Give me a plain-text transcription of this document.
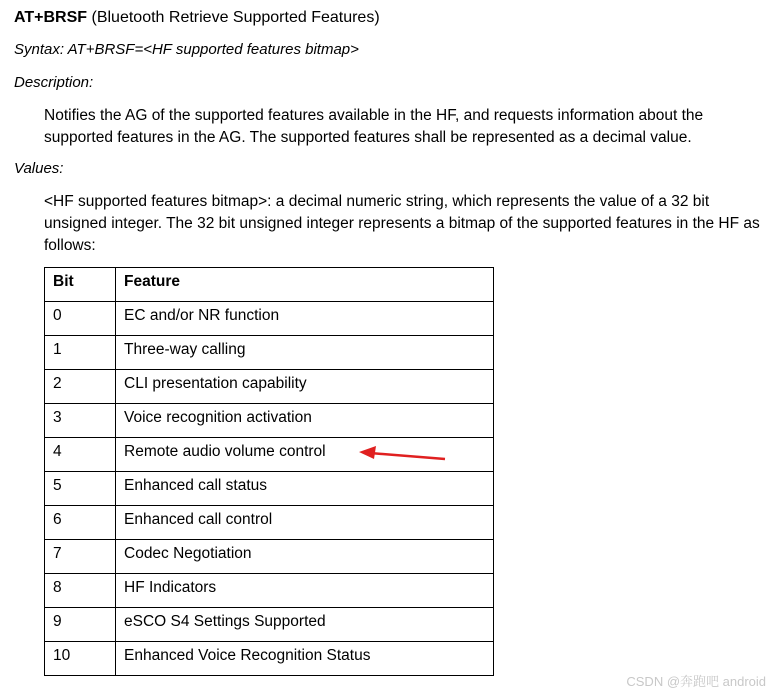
AT+BRSF (Bluetooth Retrieve Supported Features)
Syntax: AT+BRSF=<HF supported features bitmap>
Description:
Notifies the AG of the supported features available in the HF, and requests information about the supported features in the AG. The supported features shall be represented as a decimal value.
Values:
<HF supported features bitmap>: a decimal numeric string, which represents the value of a 32 bit unsigned integer. The 32 bit unsigned integer represents a bitmap of the supported features in the HF as follows:
Bit	Feature
0	EC and/or NR function
1	Three-way calling
2	CLI presentation capability
3	Voice recognition activation
4	Remote audio volume control
5	Enhanced call status
6	Enhanced call control
7	Codec Negotiation
8	HF Indicators
9	eSCO S4 Settings Supported
10	Enhanced Voice Recognition Status
CSDN @奔跑吧 android
